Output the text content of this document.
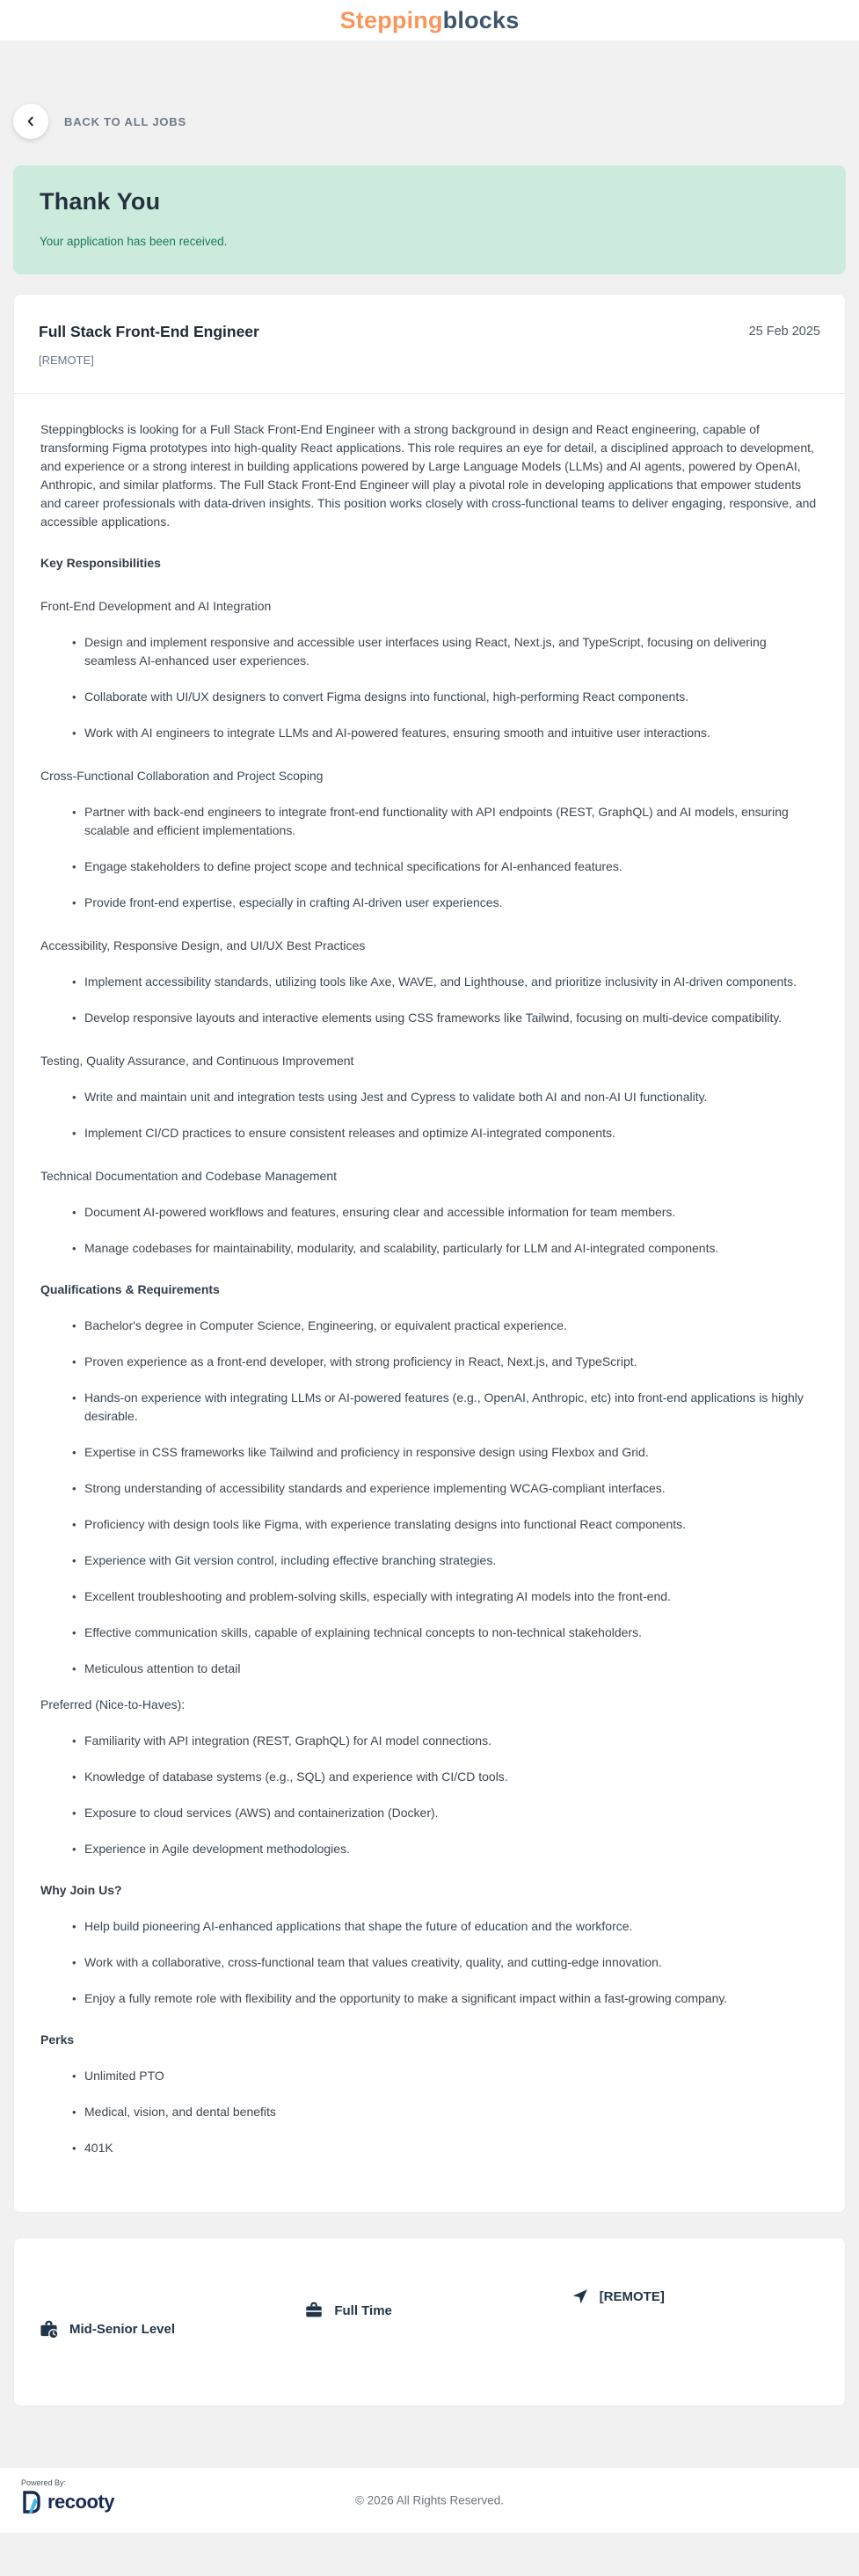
Steppingblocks
BACK TO ALL JOBS
Thank You

Your application has been received.

Full Stack Front-End Engineer

[REMOTE]

25 Feb 2025

Steppingblocks is looking for a Full Stack Front-End Engineer with a strong background in design and React engineering, capable of transforming Figma prototypes into high-quality React applications. This role requires an eye for detail, a disciplined approach to development, and experience or a strong interest in building applications powered by Large Language Models (LLMs) and AI agents, powered by OpenAI, Anthropic, and similar platforms. The Full Stack Front-End Engineer will play a pivotal role in developing applications that empower students and career professionals with data-driven insights. This position works closely with cross-functional teams to deliver engaging, responsive, and accessible applications.

Key Responsibilities

Front-End Development and AI Integration

• Design and implement responsive and accessible user interfaces using React, Next.js, and TypeScript, focusing on delivering seamless AI-enhanced user experiences.
• Collaborate with UI/UX designers to convert Figma designs into functional, high-performing React components.
• Work with AI engineers to integrate LLMs and AI-powered features, ensuring smooth and intuitive user interactions.

Cross-Functional Collaboration and Project Scoping

• Partner with back-end engineers to integrate front-end functionality with API endpoints (REST, GraphQL) and AI models, ensuring scalable and efficient implementations.
• Engage stakeholders to define project scope and technical specifications for AI-enhanced features.
• Provide front-end expertise, especially in crafting AI-driven user experiences.

Accessibility, Responsive Design, and UI/UX Best Practices

• Implement accessibility standards, utilizing tools like Axe, WAVE, and Lighthouse, and prioritize inclusivity in AI-driven components.
• Develop responsive layouts and interactive elements using CSS frameworks like Tailwind, focusing on multi-device compatibility.

Testing, Quality Assurance, and Continuous Improvement

• Write and maintain unit and integration tests using Jest and Cypress to validate both AI and non-AI UI functionality.
• Implement CI/CD practices to ensure consistent releases and optimize AI-integrated components.

Technical Documentation and Codebase Management

• Document AI-powered workflows and features, ensuring clear and accessible information for team members.
• Manage codebases for maintainability, modularity, and scalability, particularly for LLM and AI-integrated components.
Qualifications & Requirements
• Bachelor's degree in Computer Science, Engineering, or equivalent practical experience.
• Proven experience as a front-end developer, with strong proficiency in React, Next.js, and TypeScript.
• Hands-on experience with integrating LLMs or AI-powered features (e.g., OpenAI, Anthropic, etc) into front-end applications is highly desirable.
• Expertise in CSS frameworks like Tailwind and proficiency in responsive design using Flexbox and Grid.
• Strong understanding of accessibility standards and experience implementing WCAG-compliant interfaces.
• Proficiency with design tools like Figma, with experience translating designs into functional React components.
• Experience with Git version control, including effective branching strategies.
• Excellent troubleshooting and problem-solving skills, especially with integrating AI models into the front-end.
• Effective communication skills, capable of explaining technical concepts to non-technical stakeholders.
• Meticulous attention to detail

Preferred (Nice-to-Haves):

• Familiarity with API integration (REST, GraphQL) for AI model connections.
• Knowledge of database systems (e.g., SQL) and experience with CI/CD tools.
• Exposure to cloud services (AWS) and containerization (Docker).
• Experience in Agile development methodologies.
Why Join Us?
• Help build pioneering AI-enhanced applications that shape the future of education and the workforce.
• Work with a collaborative, cross-functional team that values creativity, quality, and cutting-edge innovation.
• Enjoy a fully remote role with flexibility and the opportunity to make a significant impact within a fast-growing company.
Perks
• Unlimited PTO
• Medical, vision, and dental benefits
• 401K
Mid-Senior Level
Full Time
[REMOTE]

Powered By:

recooty	© 2026 All Rights Reserved.
